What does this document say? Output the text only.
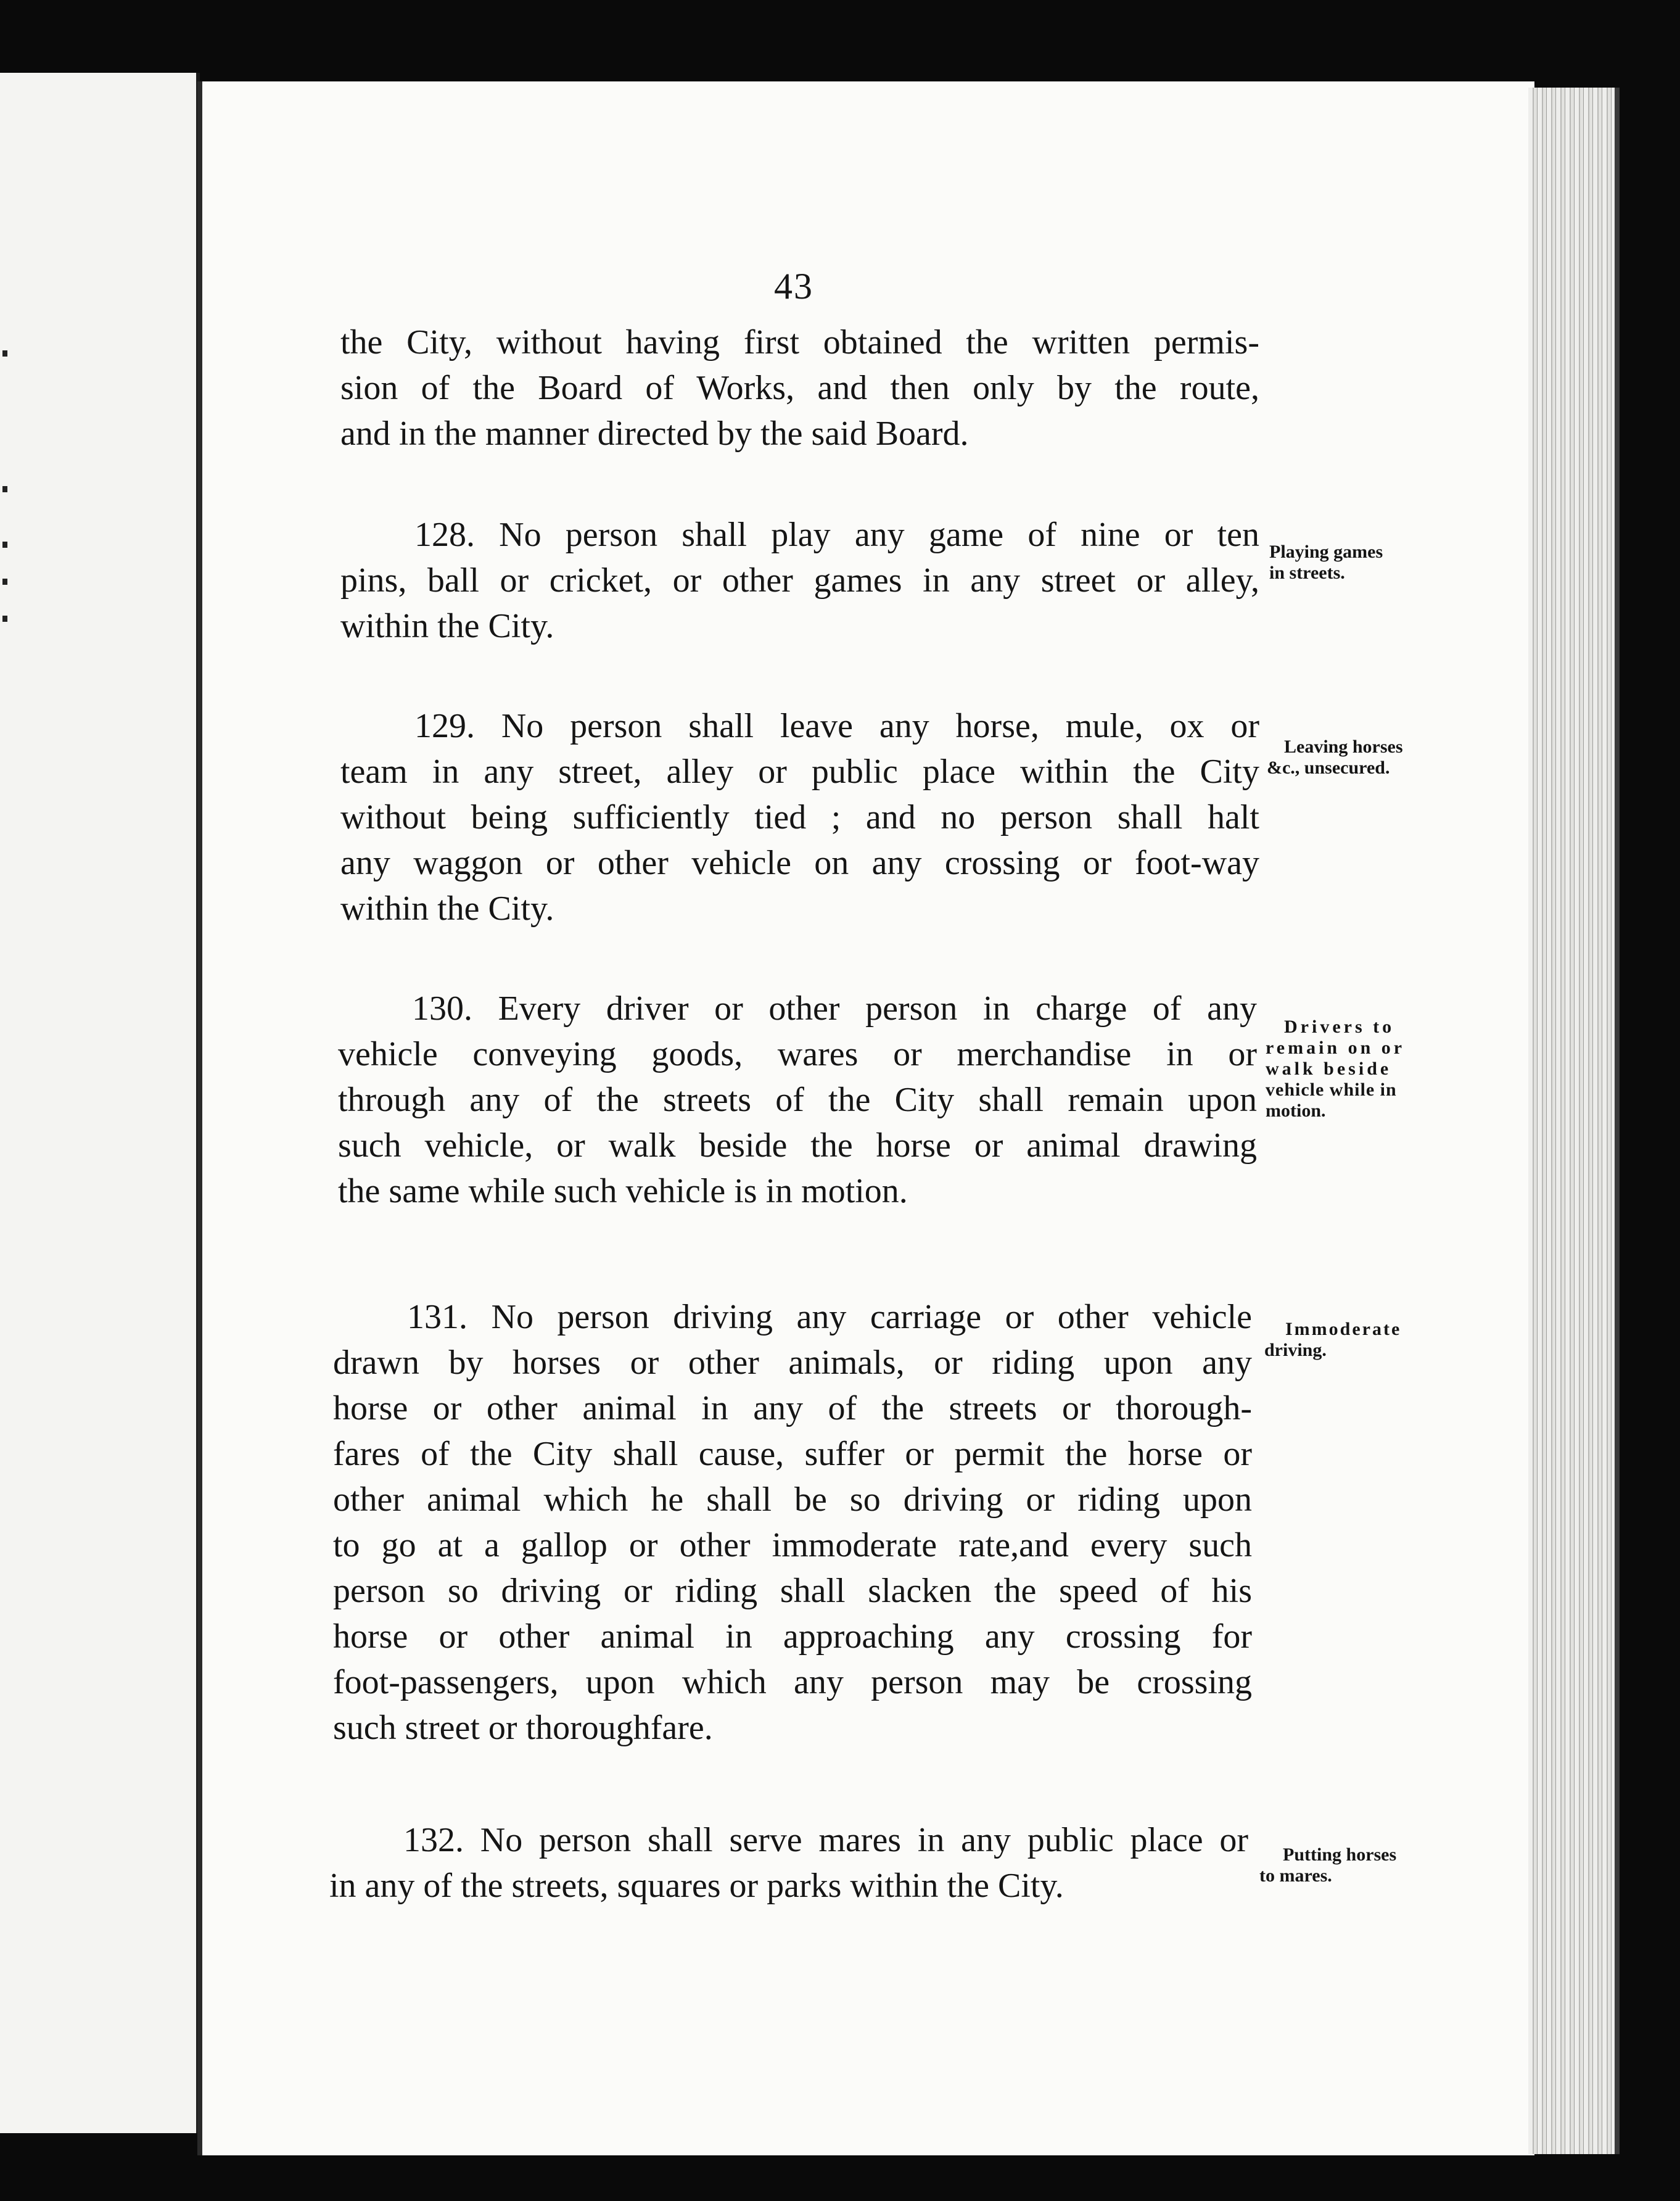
43

the City, without having first obtained the written permis-
sion of the Board of Works, and then only by the route,
and in the manner directed by the said Board.

128. No person shall play any game of nine or ten
pins, ball or cricket, or other games in any street or alley,
within the City.

Playing games
in streets.

129. No person shall leave any horse, mule, ox or
team in any street, alley or public place within the City
without being sufficiently tied ; and no person shall halt
any waggon or other vehicle on any crossing or foot-way
within the City.

Leaving horses
&c., unsecured.

130. Every driver or other person in charge of any
vehicle conveying goods, wares or merchandise in or
through any of the streets of the City shall remain upon
such vehicle, or walk beside the horse or animal drawing
the same while such vehicle is in motion.

Drivers to
remain on or
walk beside
vehicle while in
motion.

131. No person driving any carriage or other vehicle
drawn by horses or other animals, or riding upon any
horse or other animal in any of the streets or thorough-
fares of the City shall cause, suffer or permit the horse or
other animal which he shall be so driving or riding upon
to go at a gallop or other immoderate rate,and every such
person so driving or riding shall slacken the speed of his
horse or other animal in approaching any crossing for
foot-passengers, upon which any person may be crossing
such street or thoroughfare.

Immoderate
driving.

132. No person shall serve mares in any public place or
in any of the streets, squares or parks within the City.

Putting horses
to mares.
